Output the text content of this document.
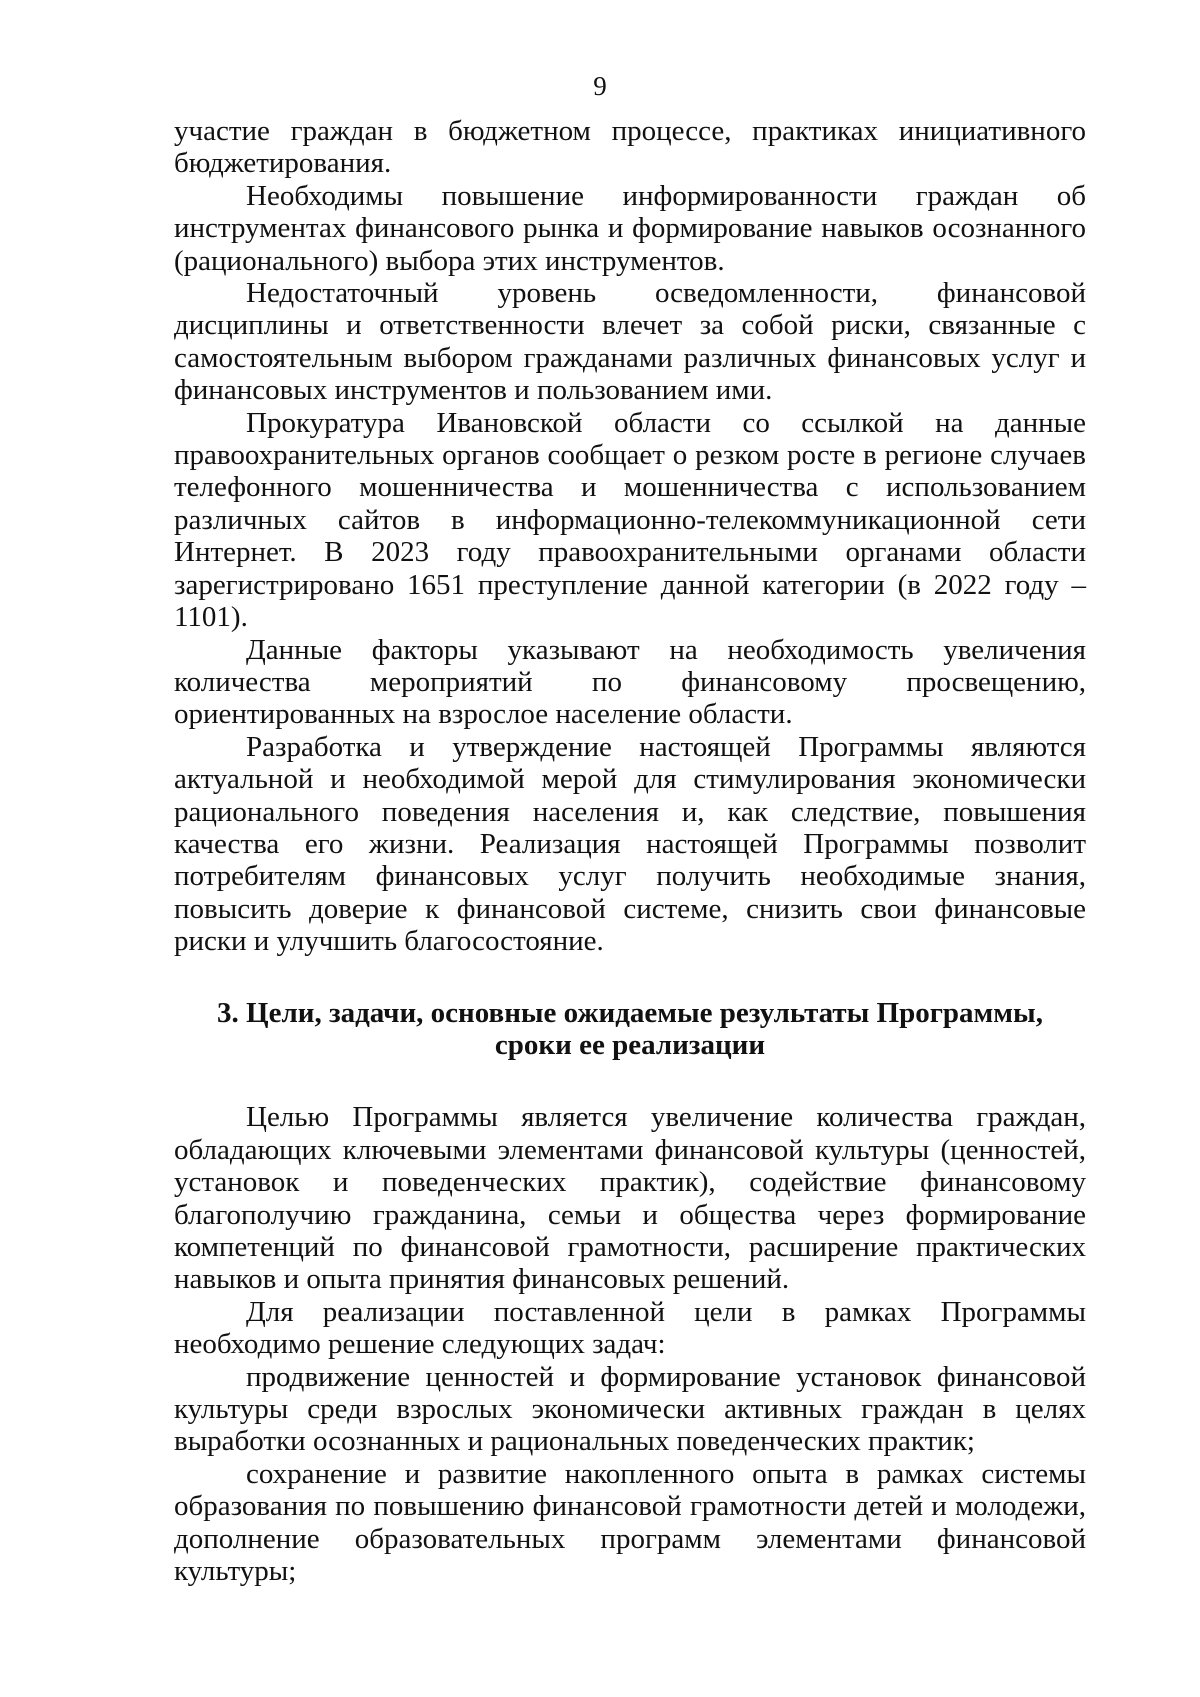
9

участие граждан в бюджетном процессе, практиках инициативного бюджетирования.

Необходимы повышение информированности граждан об инструментах финансового рынка и формирование навыков осознанного (рационального) выбора этих инструментов.

Недостаточный уровень осведомленности, финансовой дисциплины и ответственности влечет за собой риски, связанные с самостоятельным выбором гражданами различных финансовых услуг и финансовых инструментов и пользованием ими.

Прокуратура Ивановской области со ссылкой на данные правоохранительных органов сообщает о резком росте в регионе случаев телефонного мошенничества и мошенничества с использованием различных сайтов в информационно-телекоммуникационной сети Интернет. В 2023 году правоохранительными органами области зарегистрировано 1651 преступление данной категории (в 2022 году – 1101).

Данные факторы указывают на необходимость увеличения количества мероприятий по финансовому просвещению, ориентированных на взрослое население области.

Разработка и утверждение настоящей Программы являются актуальной и необходимой мерой для стимулирования экономически рационального поведения населения и, как следствие, повышения качества его жизни. Реализация настоящей Программы позволит потребителям финансовых услуг получить необходимые знания, повысить доверие к финансовой системе, снизить свои финансовые риски и улучшить благосостояние.

3. Цели, задачи, основные ожидаемые результаты Программы,
сроки ее реализации

Целью Программы является увеличение количества граждан, обладающих ключевыми элементами финансовой культуры (ценностей, установок и поведенческих практик), содействие финансовому благополучию гражданина, семьи и общества через формирование компетенций по финансовой грамотности, расширение практических навыков и опыта принятия финансовых решений.

Для реализации поставленной цели в рамках Программы необходимо решение следующих задач:

продвижение ценностей и формирование установок финансовой культуры среди взрослых экономически активных граждан в целях выработки осознанных и рациональных поведенческих практик;

сохранение и развитие накопленного опыта в рамках системы образования по повышению финансовой грамотности детей и молодежи, дополнение образовательных программ элементами финансовой культуры;
